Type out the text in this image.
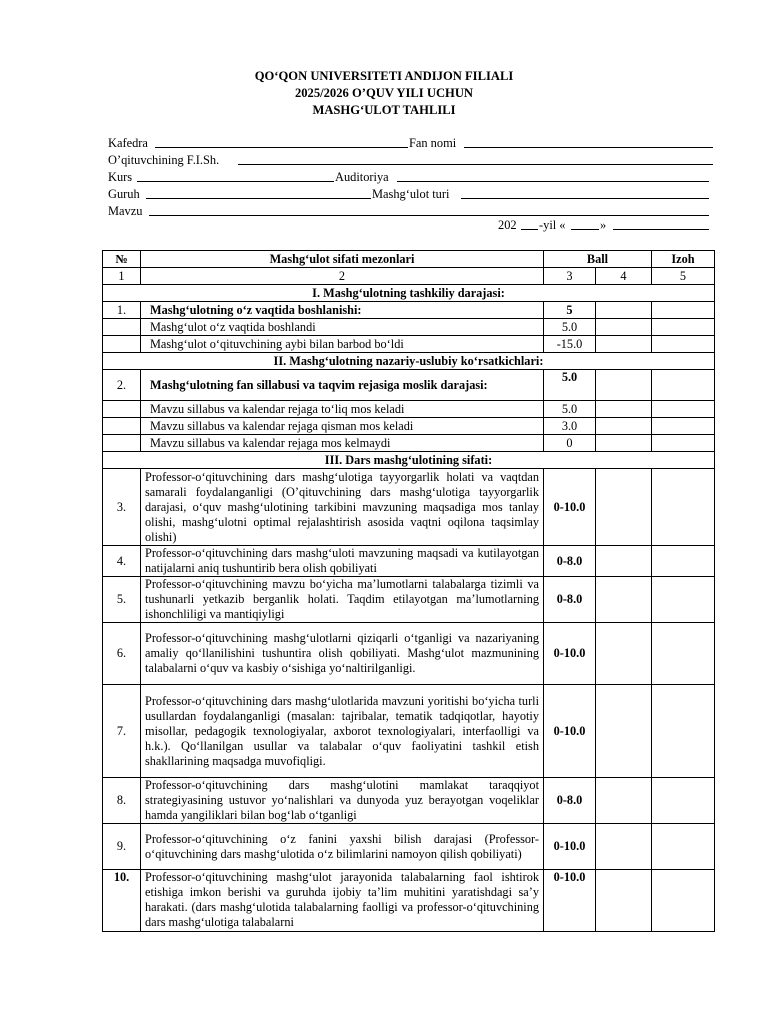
QO‘QON UNIVERSITETI ANDIJON FILIALI
2025/2026 O’QUV YILI UCHUN
MASHG‘ULOT TAHLILI
Kafedra	Fan nomi
O’qituvchining F.I.Sh.
Kurs	Auditoriya
Guruh	Mashg‘ulot turi
Mavzu
202 -yil «	»
№	Mashg‘ulot sifati mezonlari	Ball		Izoh
1	2	3	4	5
I. Mashg‘ulotning tashkiliy darajasi:				
1.	Mashg‘ulotning o‘z vaqtida boshlanishi:	5		
	Mashg‘ulot o‘z vaqtida boshlandi	5.0		
	Mashg‘ulot o‘qituvchining aybi bilan barbod bo‘ldi	-15.0		
II. Mashg‘ulotning nazariy-uslubiy ko‘rsatkichlari:				
2.	Mashg‘ulotning fan sillabusi va taqvim rejasiga moslik darajasi:	5.0		
	Mavzu sillabus va kalendar rejaga to‘liq mos keladi	5.0		
	Mavzu sillabus va kalendar rejaga qisman mos keladi	3.0		
	Mavzu sillabus va kalendar rejaga mos kelmaydi	0		
III. Dars mashg‘ulotining sifati:				
3.	Professor-o‘qituvchining dars mashg‘ulotiga tayyorgarlik holati va vaqtdan samarali foydalanganligi (O’qituvchining dars mashg‘ulotiga tayyorgarlik darajasi, o‘quv mashg‘ulotining tarkibini mavzuning maqsadiga mos tanlay olishi, mashg‘ulotni optimal rejalashtirish asosida vaqtni oqilona taqsimlay olishi)	0-10.0		
4.	Professor-o‘qituvchining dars mashg‘uloti mavzuning maqsadi va kutilayotgan natijalarni aniq tushuntirib bera olish qobiliyati	0-8.0		
5.	Professor-o‘qituvchining mavzu bo‘yicha ma’lumotlarni talabalarga tizimli va tushunarli yetkazib berganlik holati. Taqdim etilayotgan ma’lumotlarning ishonchliligi va mantiqiyligi	0-8.0		
6.	Professor-o‘qituvchining mashg‘ulotlarni qiziqarli o‘tganligi va nazariyaning amaliy qo‘llanilishini tushuntira olish qobiliyati. Mashg‘ulot mazmunining talabalarni o‘quv va kasbiy o‘sishiga yo‘naltirilganligi.	0-10.0		
7.	Professor-o‘qituvchining dars mashg‘ulotlarida mavzuni yoritishi bo‘yicha turli usullardan foydalanganligi (masalan: tajribalar, tematik tadqiqotlar, hayotiy misollar, pedagogik texnologiyalar, axborot texnologiyalari, interfaolligi va h.k.). Qo‘llanilgan usullar va talabalar o‘quv faoliyatini tashkil etish shakllarining maqsadga muvofiqligi.	0-10.0		
8.	Professor-o‘qituvchining dars mashg‘ulotini mamlakat taraqqiyot strategiyasining ustuvor yo‘nalishlari va dunyoda yuz berayotgan voqeliklar hamda yangiliklari bilan bog‘lab o‘tganligi	0-8.0		
9.	Professor-o‘qituvchining o‘z fanini yaxshi bilish darajasi (Professor-o‘qituvchining dars mashg‘ulotida o‘z bilimlarini namoyon qilish qobiliyati)	0-10.0		
10.	Professor-o‘qituvchining mashg‘ulot jarayonida talabalarning faol ishtirok etishiga imkon berishi va guruhda ijobiy ta’lim muhitini yaratishdagi sa’y harakati. (dars mashg‘ulotida talabalarning faolligi va professor-o‘qituvchining dars mashg‘ulotiga talabalarni	0-10.0		
